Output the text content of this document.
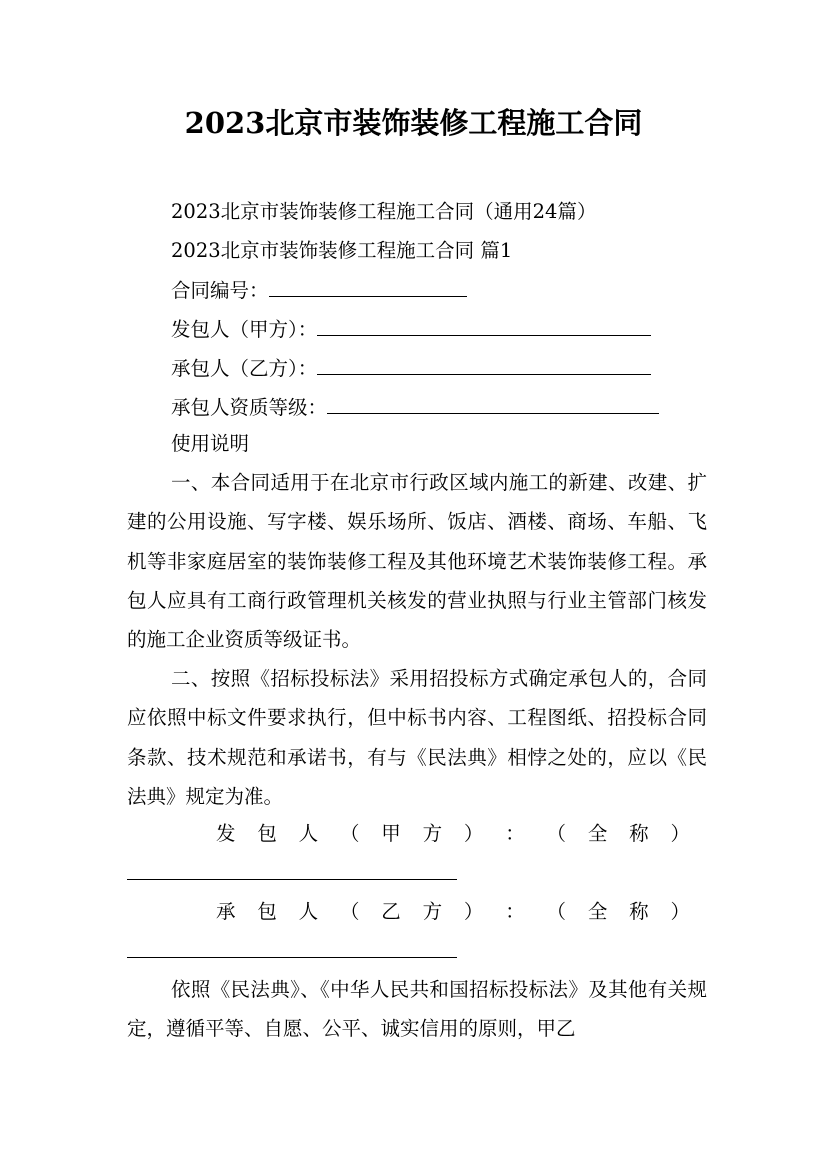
2023北京市装饰装修工程施工合同
2023北京市装饰装修工程施工合同（通用24篇）
2023北京市装饰装修工程施工合同 篇1
合同编号：
发包人（甲方）：
承包人（乙方）：
承包人资质等级：
使用说明
一、本合同适用于在北京市行政区域内施工的新建、改建、扩建的公用设施、写字楼、娱乐场所、饭店、酒楼、商场、车船、飞机等非家庭居室的装饰装修工程及其他环境艺术装饰装修工程。承包人应具有工商行政管理机关核发的营业执照与行业主管部门核发的施工企业资质等级证书。
二、按照《招标投标法》采用招投标方式确定承包人的，合同应依照中标文件要求执行，但中标书内容、工程图纸、招投标合同条款、技术规范和承诺书，有与《民法典》相悖之处的，应以《民法典》规定为准。
发 包 人 （ 甲 方 ） ： （ 全 称 ）
承 包 人 （ 乙 方 ） ： （ 全 称 ）
依照《民法典》、《中华人民共和国招标投标法》及其他有关规定，遵循平等、自愿、公平、诚实信用的原则，甲乙
